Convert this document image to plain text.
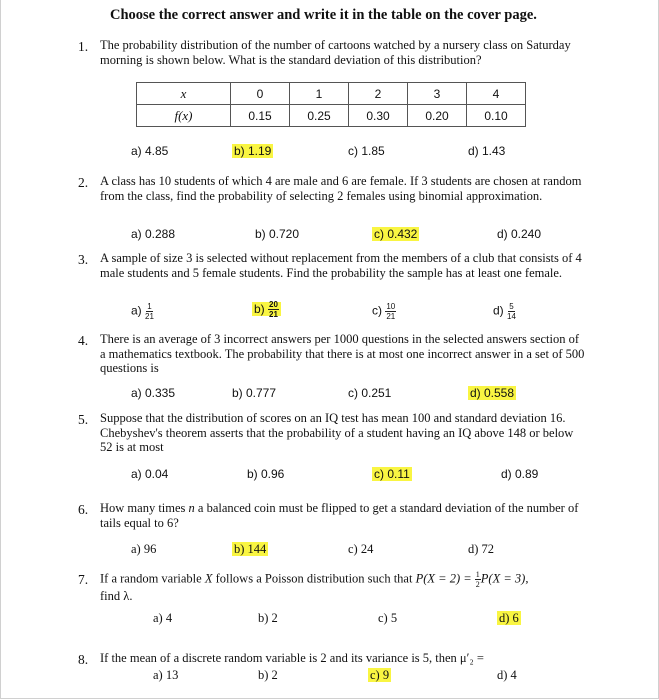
Choose the correct answer and write it in the table on the cover page.
1. The probability distribution of the number of cartoons watched by a nursery class on Saturday morning is shown below. What is the standard deviation of this distribution?
x	0	1	2	3	4
f(x)	0.15	0.25	0.30	0.20	0.10
a) 4.85	b) 1.19	c) 1.85	d) 1.43
2. A class has 10 students of which 4 are male and 6 are female. If 3 students are chosen at random from the class, find the probability of selecting 2 females using binomial approximation.
a) 0.288	b) 0.720	c) 0.432	d) 0.240
3. A sample of size 3 is selected without replacement from the members of a club that consists of 4 male students and 5 female students. Find the probability the sample has at least one female.
$a) \frac{1}{21}$	$b) \frac{20}{21}$	$c) \frac{10}{21}$	$d) \frac{5}{14}$
4. There is an average of 3 incorrect answers per 1000 questions in the selected answers section of a mathematics textbook. The probability that there is at most one incorrect answer in a set of 500 questions is
a) 0.335	b) 0.777	c) 0.251	d) 0.558
5. Suppose that the distribution of scores on an IQ test has mean 100 and standard deviation 16. Chebyshev's theorem asserts that the probability of a student having an IQ above 148 or below 52 is at most
a) 0.04	b) 0.96	c) 0.11	d) 0.89
6. How many times n a balanced coin must be flipped to get a standard deviation of the number of tails equal to 6?
a) 96	b) 144	c) 24	d) 72
7. If a random variable X follows a Poisson distribution such that $P(X = 2) = \frac{1}{2} P(X = 3)$,
find λ.
a) 4	b) 2	c) 5	d) 6
8. If the mean of a discrete random variable is 2 and its variance is 5, then μ′₂ =
a) 13	b) 2	c) 9	d) 4
